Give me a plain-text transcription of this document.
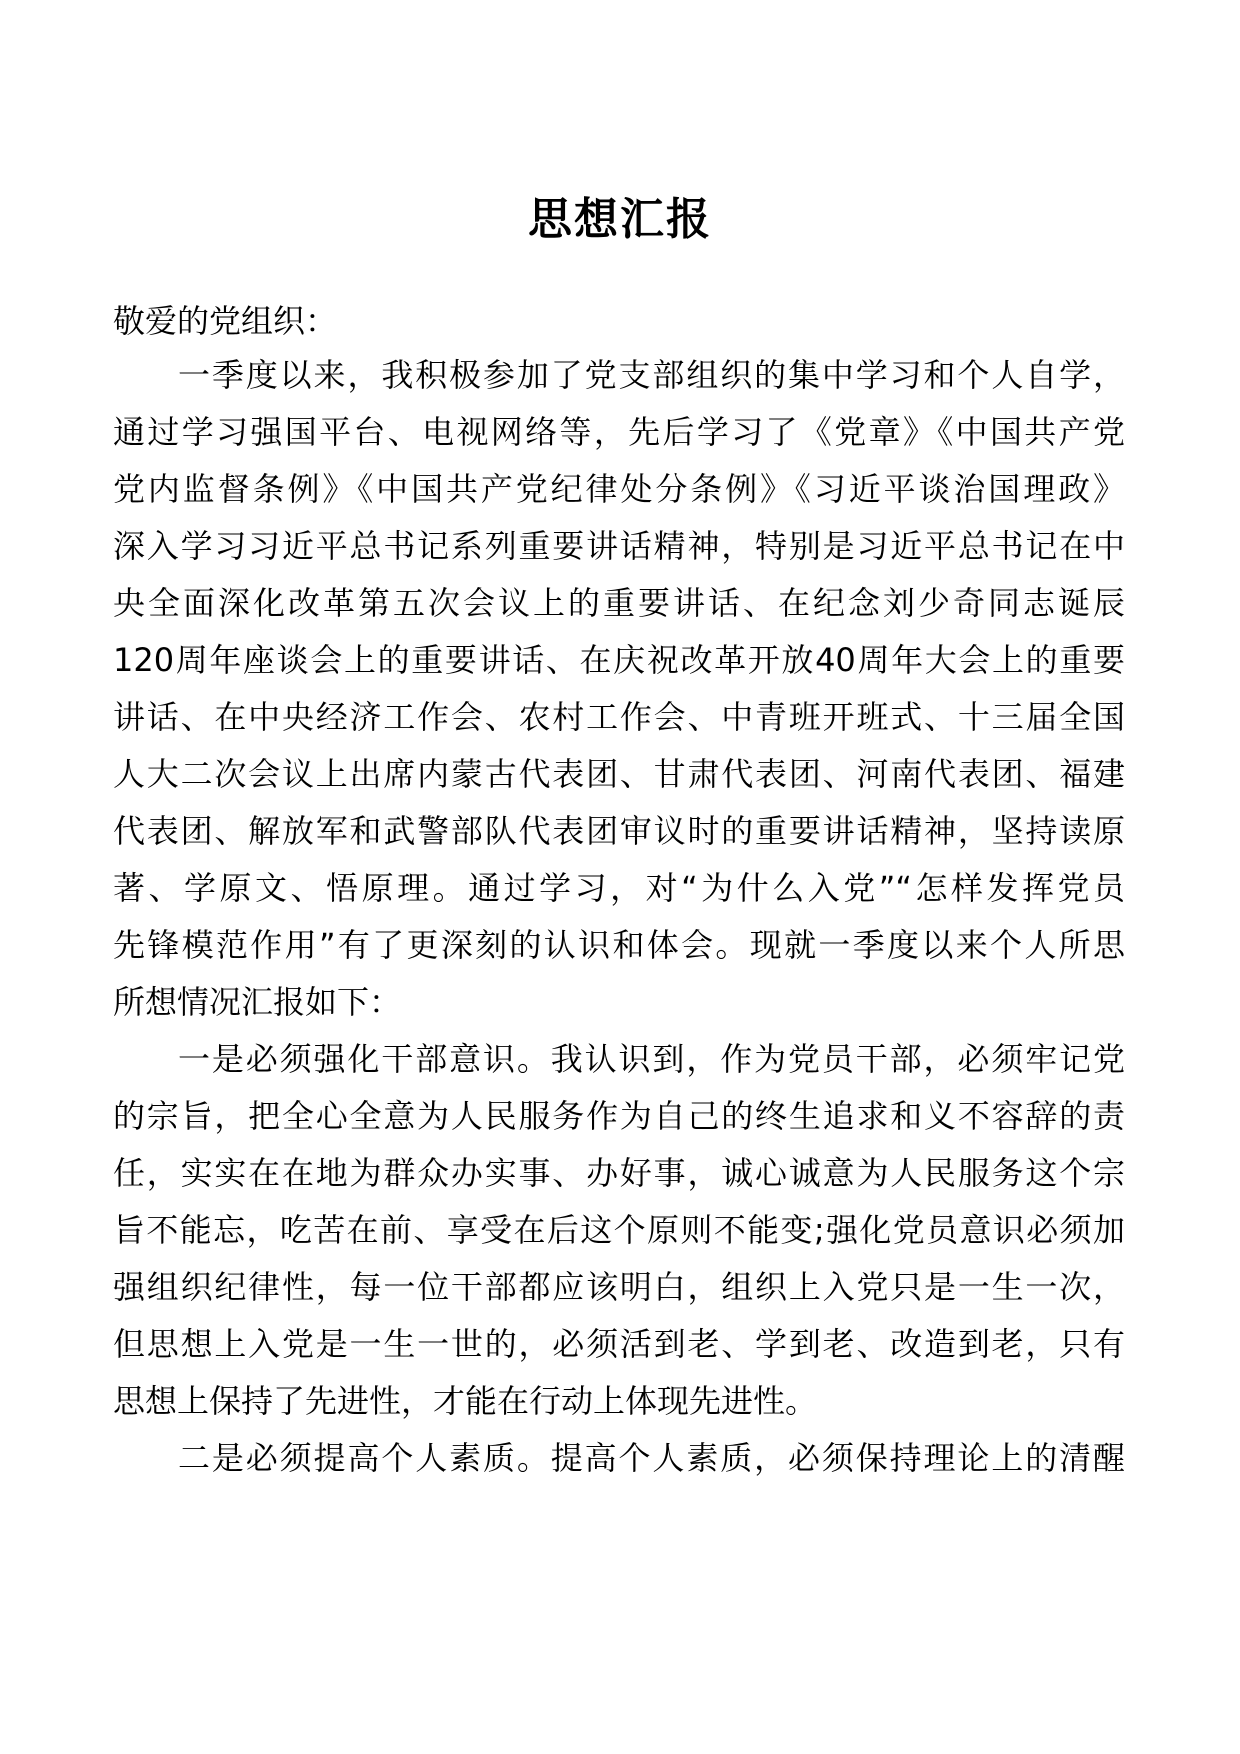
思想汇报
敬爱的党组织：
一季度以来，我积极参加了党支部组织的集中学习和个人自学，
通过学习强国平台、电视网络等，先后学习了《党章》《中国共产党
党内监督条例》《中国共产党纪律处分条例》《习近平谈治国理政》
深入学习习近平总书记系列重要讲话精神，特别是习近平总书记在中
央全面深化改革第五次会议上的重要讲话、在纪念刘少奇同志诞辰
120周年座谈会上的重要讲话、在庆祝改革开放40周年大会上的重要
讲话、在中央经济工作会、农村工作会、中青班开班式、十三届全国
人大二次会议上出席内蒙古代表团、甘肃代表团、河南代表团、福建
代表团、解放军和武警部队代表团审议时的重要讲话精神，坚持读原
著、学原文、悟原理。通过学习，对“为什么入党”“怎样发挥党员
先锋模范作用”有了更深刻的认识和体会。现就一季度以来个人所思
所想情况汇报如下：
一是必须强化干部意识。我认识到，作为党员干部，必须牢记党
的宗旨，把全心全意为人民服务作为自己的终生追求和义不容辞的责
任，实实在在地为群众办实事、办好事，诚心诚意为人民服务这个宗
旨不能忘，吃苦在前、享受在后这个原则不能变;强化党员意识必须加
强组织纪律性，每一位干部都应该明白，组织上入党只是一生一次，
但思想上入党是一生一世的，必须活到老、学到老、改造到老，只有
思想上保持了先进性，才能在行动上体现先进性。
二是必须提高个人素质。提高个人素质，必须保持理论上的清醒
